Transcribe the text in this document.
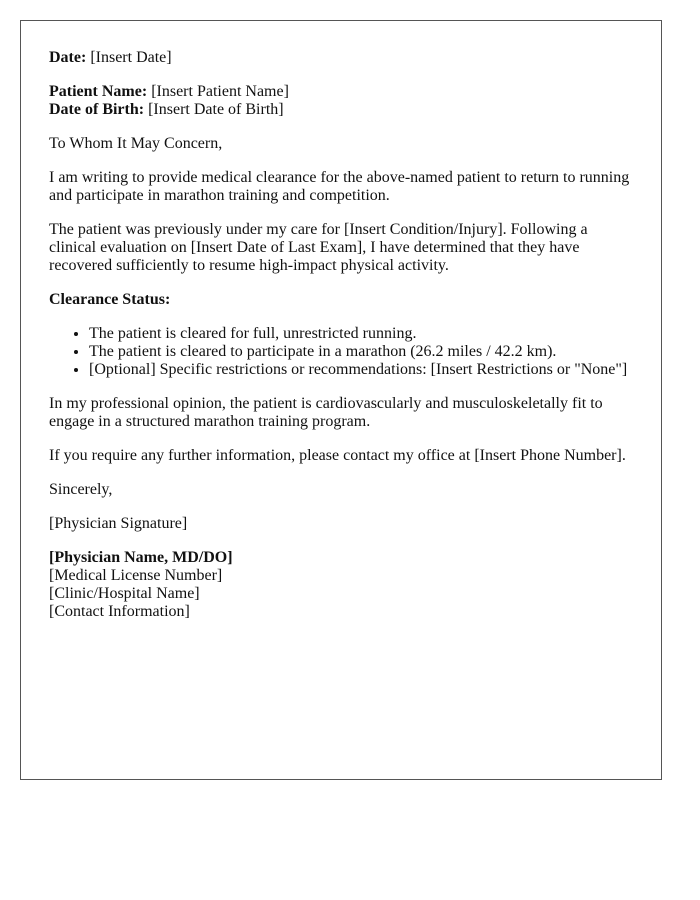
Date: [Insert Date]

Patient Name: [Insert Patient Name]
Date of Birth: [Insert Date of Birth]

To Whom It May Concern,

I am writing to provide medical clearance for the above-named patient to return to running and participate in marathon training and competition.

The patient was previously under my care for [Insert Condition/Injury]. Following a clinical evaluation on [Insert Date of Last Exam], I have determined that they have recovered sufficiently to resume high-impact physical activity.

Clearance Status:

• The patient is cleared for full, unrestricted running.
• The patient is cleared to participate in a marathon (26.2 miles / 42.2 km).
• [Optional] Specific restrictions or recommendations: [Insert Restrictions or "None"]

In my professional opinion, the patient is cardiovascularly and musculoskeletally fit to engage in a structured marathon training program.

If you require any further information, please contact my office at [Insert Phone Number].

Sincerely,

[Physician Signature]

[Physician Name, MD/DO]
[Medical License Number]
[Clinic/Hospital Name]
[Contact Information]
